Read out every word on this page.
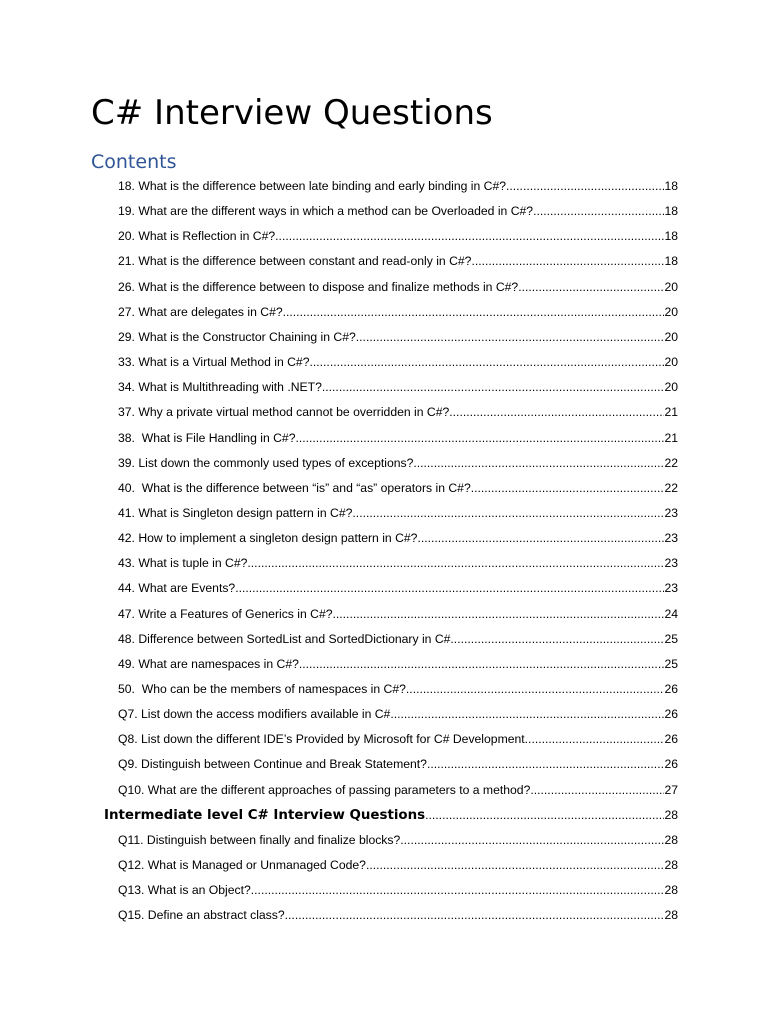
C# Interview Questions
Contents
18. What is the difference between late binding and early binding in C#? .....	18
19. What are the different ways in which a method can be Overloaded in C#? .....	18
20. What is Reflection in C#? .....	18
21. What is the difference between constant and read-only in C#? .....	18
26. What is the difference between to dispose and finalize methods in C#? .....	20
27. What are delegates in C#? .....	20
29. What is the Constructor Chaining in C#? .....	20
33. What is a Virtual Method in C#? .....	20
34. What is Multithreading with .NET? .....	20
37. Why a private virtual method cannot be overridden in C#? .....	21
38.  What is File Handling in C#? .....	21
39. List down the commonly used types of exceptions? .....	22
40.  What is the difference between “is” and “as” operators in C#? .....	22
41. What is Singleton design pattern in C#? .....	23
42. How to implement a singleton design pattern in C#? .....	23
43. What is tuple in C#? .....	23
44. What are Events? .....	23
47. Write a Features of Generics in C#? .....	24
48. Difference between SortedList and SortedDictionary in C# .....	25
49. What are namespaces in C#? .....	25
50.  Who can be the members of namespaces in C#? .....	26
Q7. List down the access modifiers available in C# .....	26
Q8. List down the different IDE’s Provided by Microsoft for C# Development .....	26
Q9. Distinguish between Continue and Break Statement? .....	26
Q10. What are the different approaches of passing parameters to a method? .....	27
Intermediate level C# Interview Questions .....	28
Q11. Distinguish between finally and finalize blocks? .....	28
Q12. What is Managed or Unmanaged Code? .....	28
Q13. What is an Object? .....	28
Q15. Define an abstract class? .....	28
